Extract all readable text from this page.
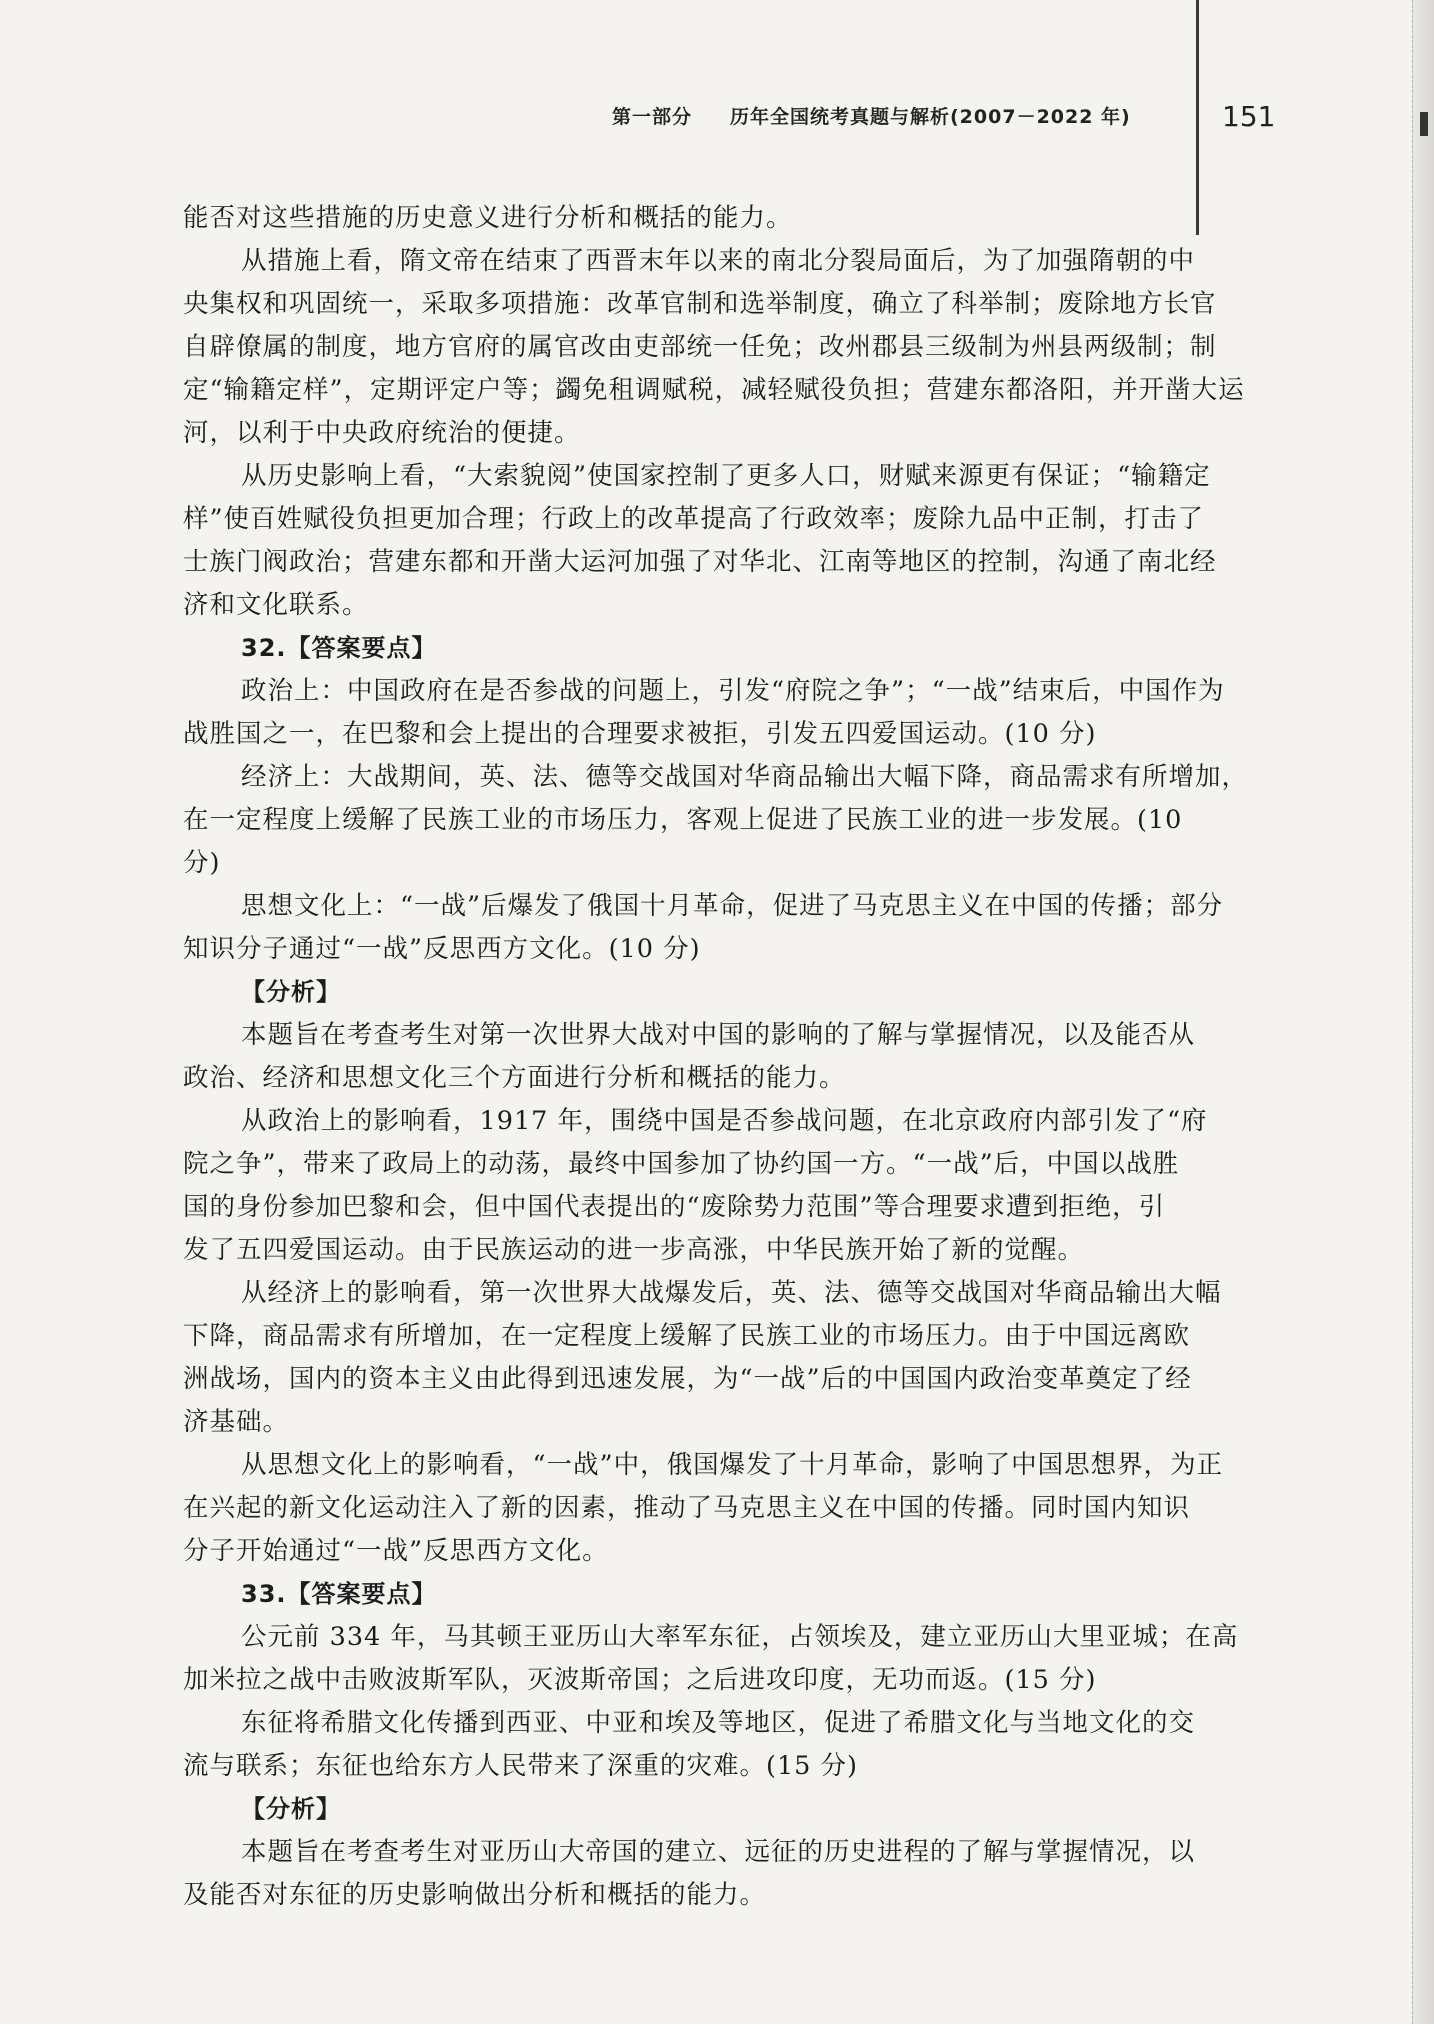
第一部分 历年全国统考真题与解析(2007－2022 年)	151
能否对这些措施的历史意义进行分析和概括的能力。
从措施上看，隋文帝在结束了西晋末年以来的南北分裂局面后，为了加强隋朝的中
央集权和巩固统一，采取多项措施：改革官制和选举制度，确立了科举制；废除地方长官
自辟僚属的制度，地方官府的属官改由吏部统一任免；改州郡县三级制为州县两级制；制
定“输籍定样”，定期评定户等；蠲免租调赋税，减轻赋役负担；营建东都洛阳，并开凿大运
河，以利于中央政府统治的便捷。
从历史影响上看，“大索貌阅”使国家控制了更多人口，财赋来源更有保证；“输籍定
样”使百姓赋役负担更加合理；行政上的改革提高了行政效率；废除九品中正制，打击了
士族门阀政治；营建东都和开凿大运河加强了对华北、江南等地区的控制，沟通了南北经
济和文化联系。
32.【答案要点】
政治上：中国政府在是否参战的问题上，引发“府院之争”；“一战”结束后，中国作为
战胜国之一，在巴黎和会上提出的合理要求被拒，引发五四爱国运动。(10 分)
经济上：大战期间，英、法、德等交战国对华商品输出大幅下降，商品需求有所增加，
在一定程度上缓解了民族工业的市场压力，客观上促进了民族工业的进一步发展。(10
分)
思想文化上：“一战”后爆发了俄国十月革命，促进了马克思主义在中国的传播；部分
知识分子通过“一战”反思西方文化。(10 分)
【分析】
本题旨在考查考生对第一次世界大战对中国的影响的了解与掌握情况，以及能否从
政治、经济和思想文化三个方面进行分析和概括的能力。
从政治上的影响看，1917 年，围绕中国是否参战问题，在北京政府内部引发了“府
院之争”，带来了政局上的动荡，最终中国参加了协约国一方。“一战”后，中国以战胜
国的身份参加巴黎和会，但中国代表提出的“废除势力范围”等合理要求遭到拒绝，引
发了五四爱国运动。由于民族运动的进一步高涨，中华民族开始了新的觉醒。
从经济上的影响看，第一次世界大战爆发后，英、法、德等交战国对华商品输出大幅
下降，商品需求有所增加，在一定程度上缓解了民族工业的市场压力。由于中国远离欧
洲战场，国内的资本主义由此得到迅速发展，为“一战”后的中国国内政治变革奠定了经
济基础。
从思想文化上的影响看，“一战”中，俄国爆发了十月革命，影响了中国思想界，为正
在兴起的新文化运动注入了新的因素，推动了马克思主义在中国的传播。同时国内知识
分子开始通过“一战”反思西方文化。
33.【答案要点】
公元前 334 年，马其顿王亚历山大率军东征，占领埃及，建立亚历山大里亚城；在高
加米拉之战中击败波斯军队，灭波斯帝国；之后进攻印度，无功而返。(15 分)
东征将希腊文化传播到西亚、中亚和埃及等地区，促进了希腊文化与当地文化的交
流与联系；东征也给东方人民带来了深重的灾难。(15 分)
【分析】
本题旨在考查考生对亚历山大帝国的建立、远征的历史进程的了解与掌握情况，以
及能否对东征的历史影响做出分析和概括的能力。
